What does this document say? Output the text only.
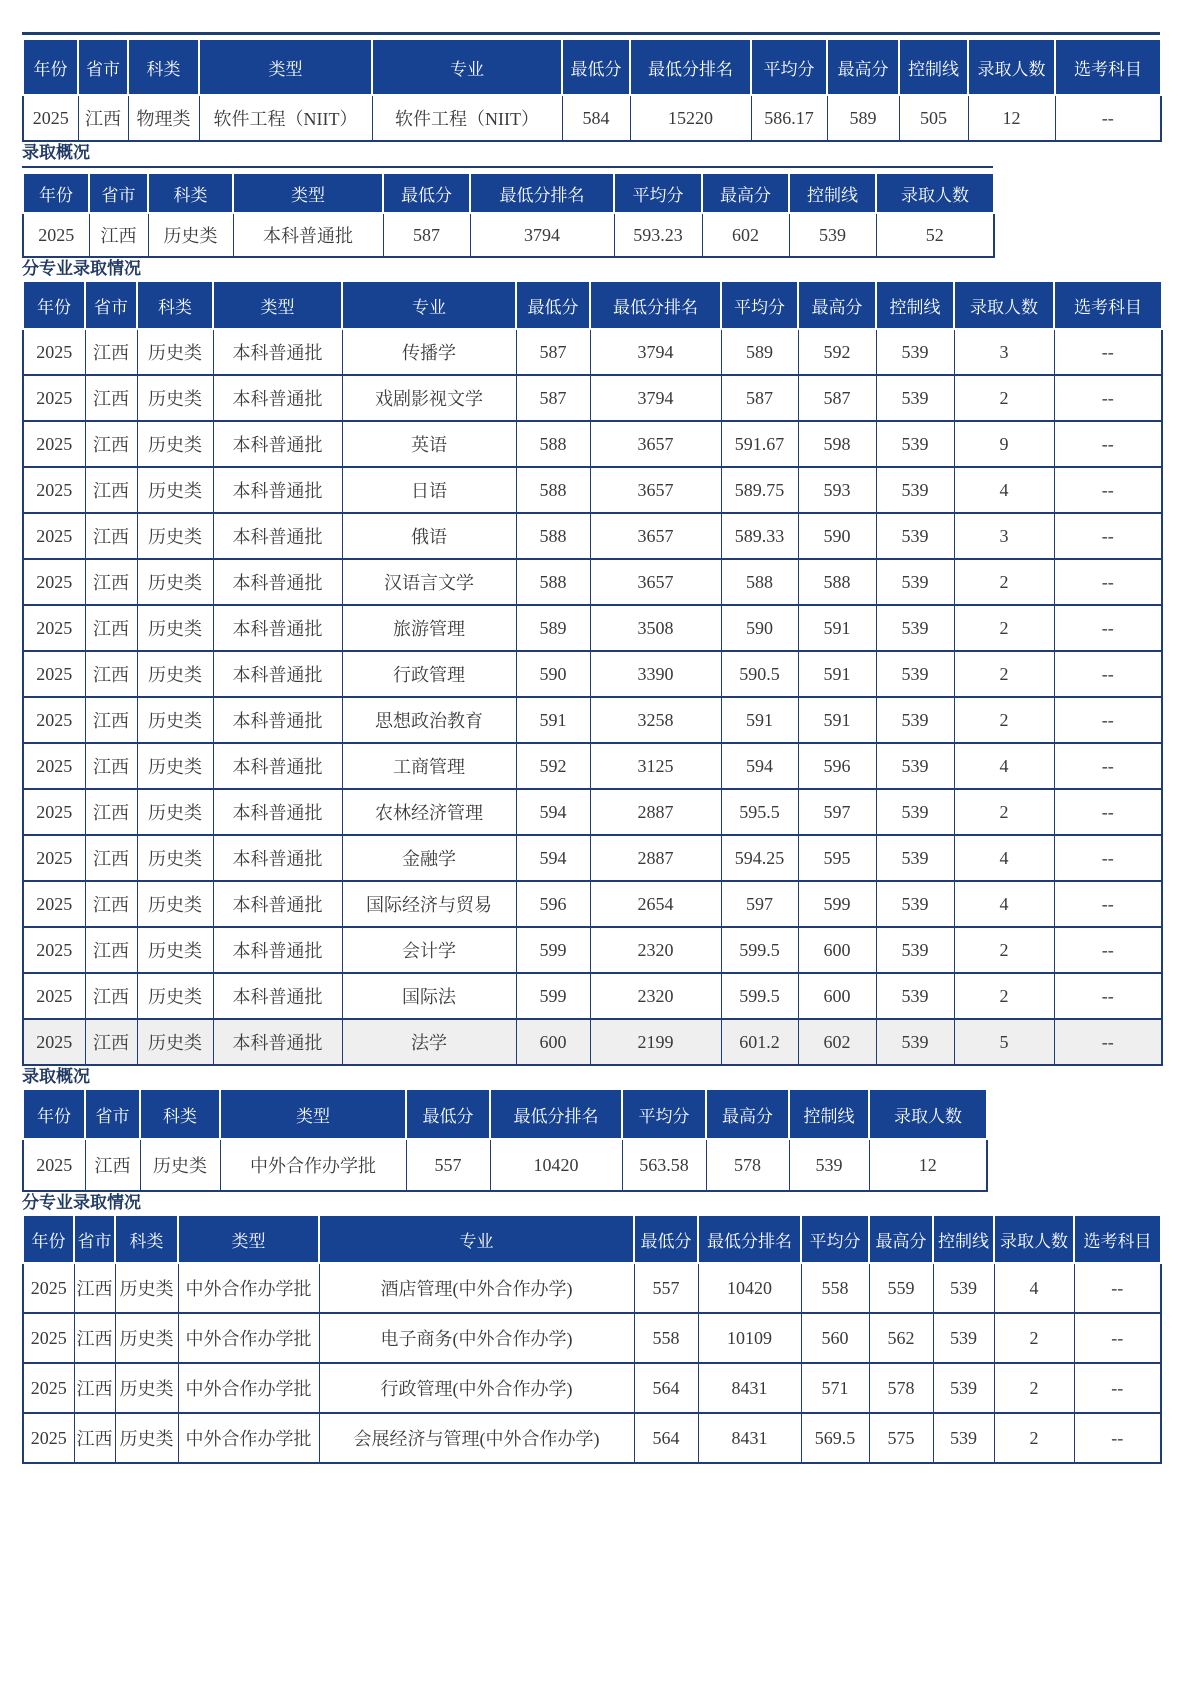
年份	省市	科类	类型	专业	最低分	最低分排名	平均分	最高分	控制线	录取人数	选考科目
2025	江西	物理类	软件工程（NIIT）	软件工程（NIIT）	584	15220	586.17	589	505	12	--
录取概况
年份	省市	科类	类型	最低分	最低分排名	平均分	最高分	控制线	录取人数
2025	江西	历史类	本科普通批	587	3794	593.23	602	539	52
分专业录取情况
年份	省市	科类	类型	专业	最低分	最低分排名	平均分	最高分	控制线	录取人数	选考科目
2025	江西	历史类	本科普通批	传播学	587	3794	589	592	539	3	--
2025	江西	历史类	本科普通批	戏剧影视文学	587	3794	587	587	539	2	--
2025	江西	历史类	本科普通批	英语	588	3657	591.67	598	539	9	--
2025	江西	历史类	本科普通批	日语	588	3657	589.75	593	539	4	--
2025	江西	历史类	本科普通批	俄语	588	3657	589.33	590	539	3	--
2025	江西	历史类	本科普通批	汉语言文学	588	3657	588	588	539	2	--
2025	江西	历史类	本科普通批	旅游管理	589	3508	590	591	539	2	--
2025	江西	历史类	本科普通批	行政管理	590	3390	590.5	591	539	2	--
2025	江西	历史类	本科普通批	思想政治教育	591	3258	591	591	539	2	--
2025	江西	历史类	本科普通批	工商管理	592	3125	594	596	539	4	--
2025	江西	历史类	本科普通批	农林经济管理	594	2887	595.5	597	539	2	--
2025	江西	历史类	本科普通批	金融学	594	2887	594.25	595	539	4	--
2025	江西	历史类	本科普通批	国际经济与贸易	596	2654	597	599	539	4	--
2025	江西	历史类	本科普通批	会计学	599	2320	599.5	600	539	2	--
2025	江西	历史类	本科普通批	国际法	599	2320	599.5	600	539	2	--
2025	江西	历史类	本科普通批	法学	600	2199	601.2	602	539	5	--
录取概况
年份	省市	科类	类型	最低分	最低分排名	平均分	最高分	控制线	录取人数
2025	江西	历史类	中外合作办学批	557	10420	563.58	578	539	12
分专业录取情况
年份	省市	科类	类型	专业	最低分	最低分排名	平均分	最高分	控制线	录取人数	选考科目
2025	江西	历史类	中外合作办学批	酒店管理(中外合作办学)	557	10420	558	559	539	4	--
2025	江西	历史类	中外合作办学批	电子商务(中外合作办学)	558	10109	560	562	539	2	--
2025	江西	历史类	中外合作办学批	行政管理(中外合作办学)	564	8431	571	578	539	2	--
2025	江西	历史类	中外合作办学批	会展经济与管理(中外合作办学)	564	8431	569.5	575	539	2	--
